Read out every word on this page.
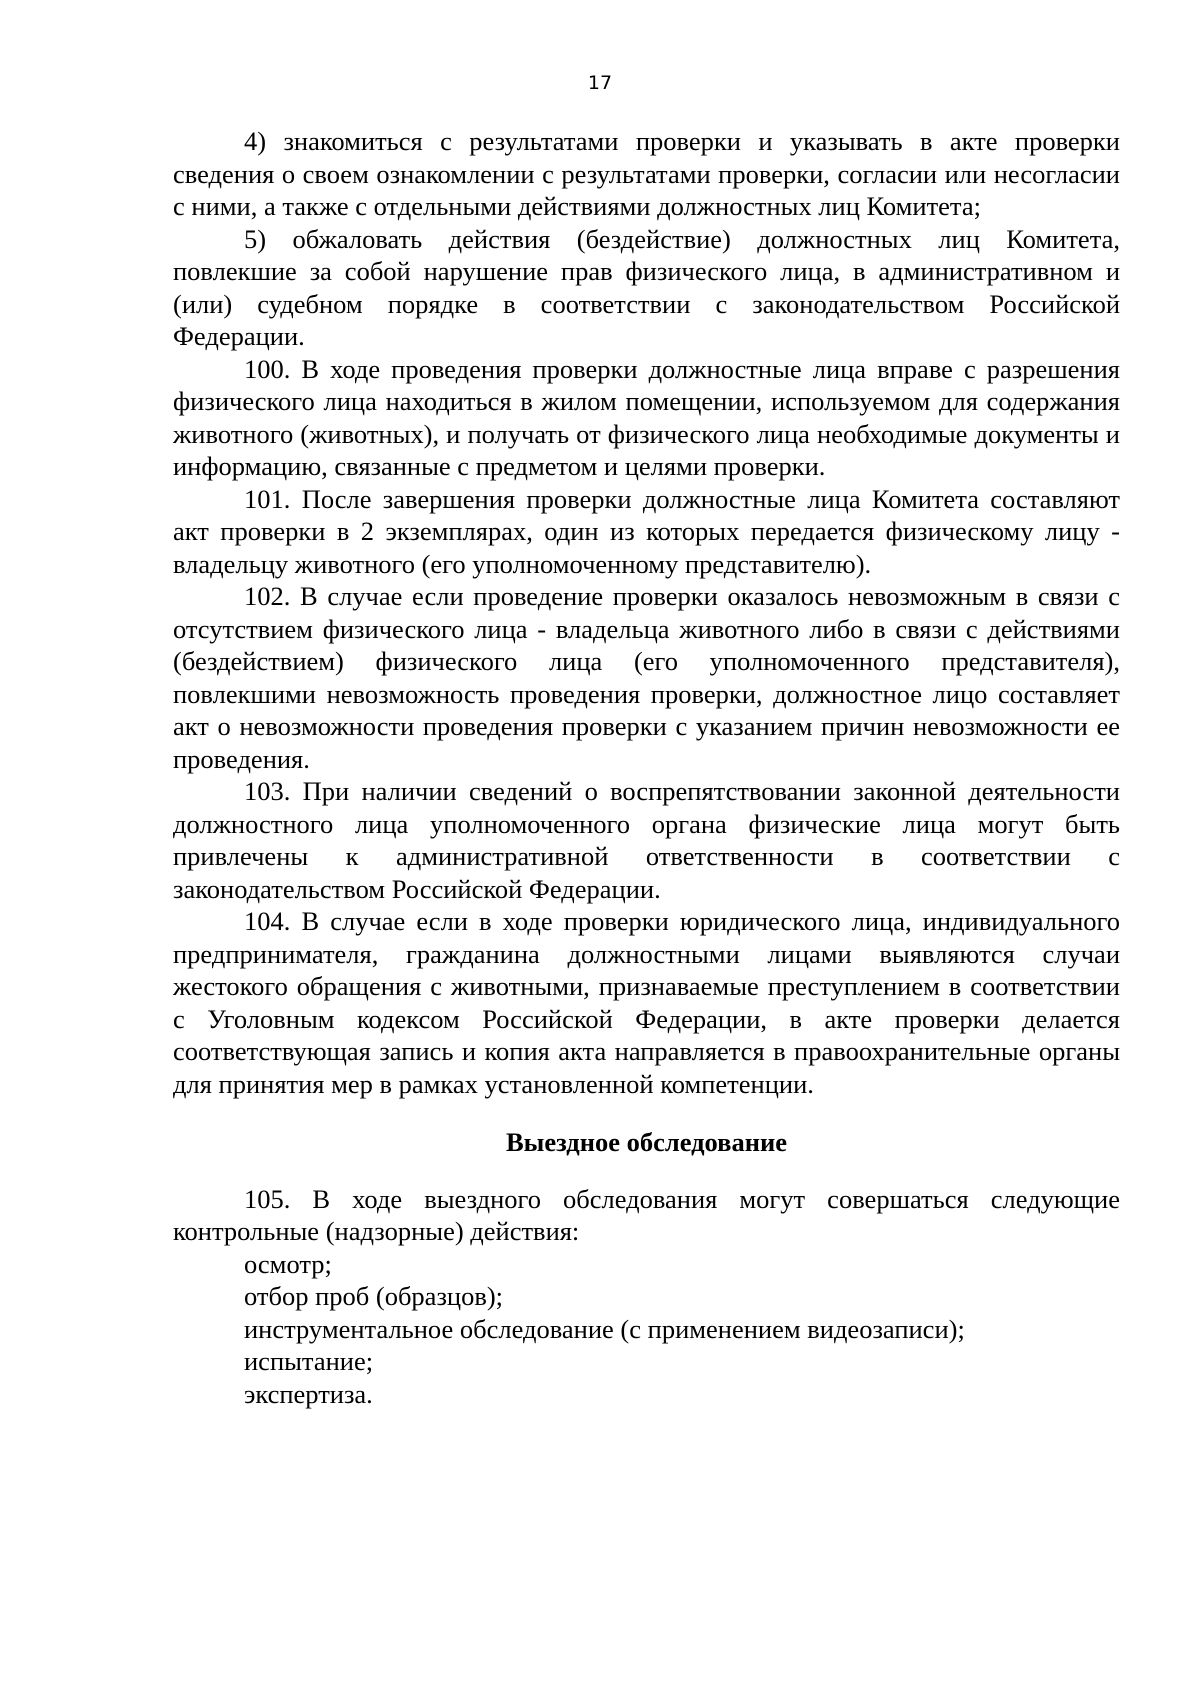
17

4) знакомиться с результатами проверки и указывать в акте проверки сведения о своем ознакомлении с результатами проверки, согласии или несогласии с ними, а также с отдельными действиями должностных лиц Комитета;

5) обжаловать действия (бездействие) должностных лиц Комитета, повлекшие за собой нарушение прав физического лица, в административном и (или) судебном порядке в соответствии с законодательством Российской Федерации.

100. В ходе проведения проверки должностные лица вправе с разрешения физического лица находиться в жилом помещении, используемом для содержания животного (животных), и получать от физического лица необходимые документы и информацию, связанные с предметом и целями проверки.

101. После завершения проверки должностные лица Комитета составляют акт проверки в 2 экземплярах, один из которых передается физическому лицу - владельцу животного (его уполномоченному представителю).

102. В случае если проведение проверки оказалось невозможным в связи с отсутствием физического лица - владельца животного либо в связи с действиями (бездействием) физического лица (его уполномоченного представителя), повлекшими невозможность проведения проверки, должностное лицо составляет акт о невозможности проведения проверки с указанием причин невозможности ее проведения.

103. При наличии сведений о воспрепятствовании законной деятельности должностного лица уполномоченного органа физические лица могут быть привлечены к административной ответственности в соответствии с законодательством Российской Федерации.

104. В случае если в ходе проверки юридического лица, индивидуального предпринимателя, гражданина должностными лицами выявляются случаи жестокого обращения с животными, признаваемые преступлением в соответствии с Уголовным кодексом Российской Федерации, в акте проверки делается соответствующая запись и копия акта направляется в правоохранительные органы для принятия мер в рамках установленной компетенции.

Выездное обследование

105. В ходе выездного обследования могут совершаться следующие контрольные (надзорные) действия:

осмотр;

отбор проб (образцов);

инструментальное обследование (с применением видеозаписи);

испытание;

экспертиза.
